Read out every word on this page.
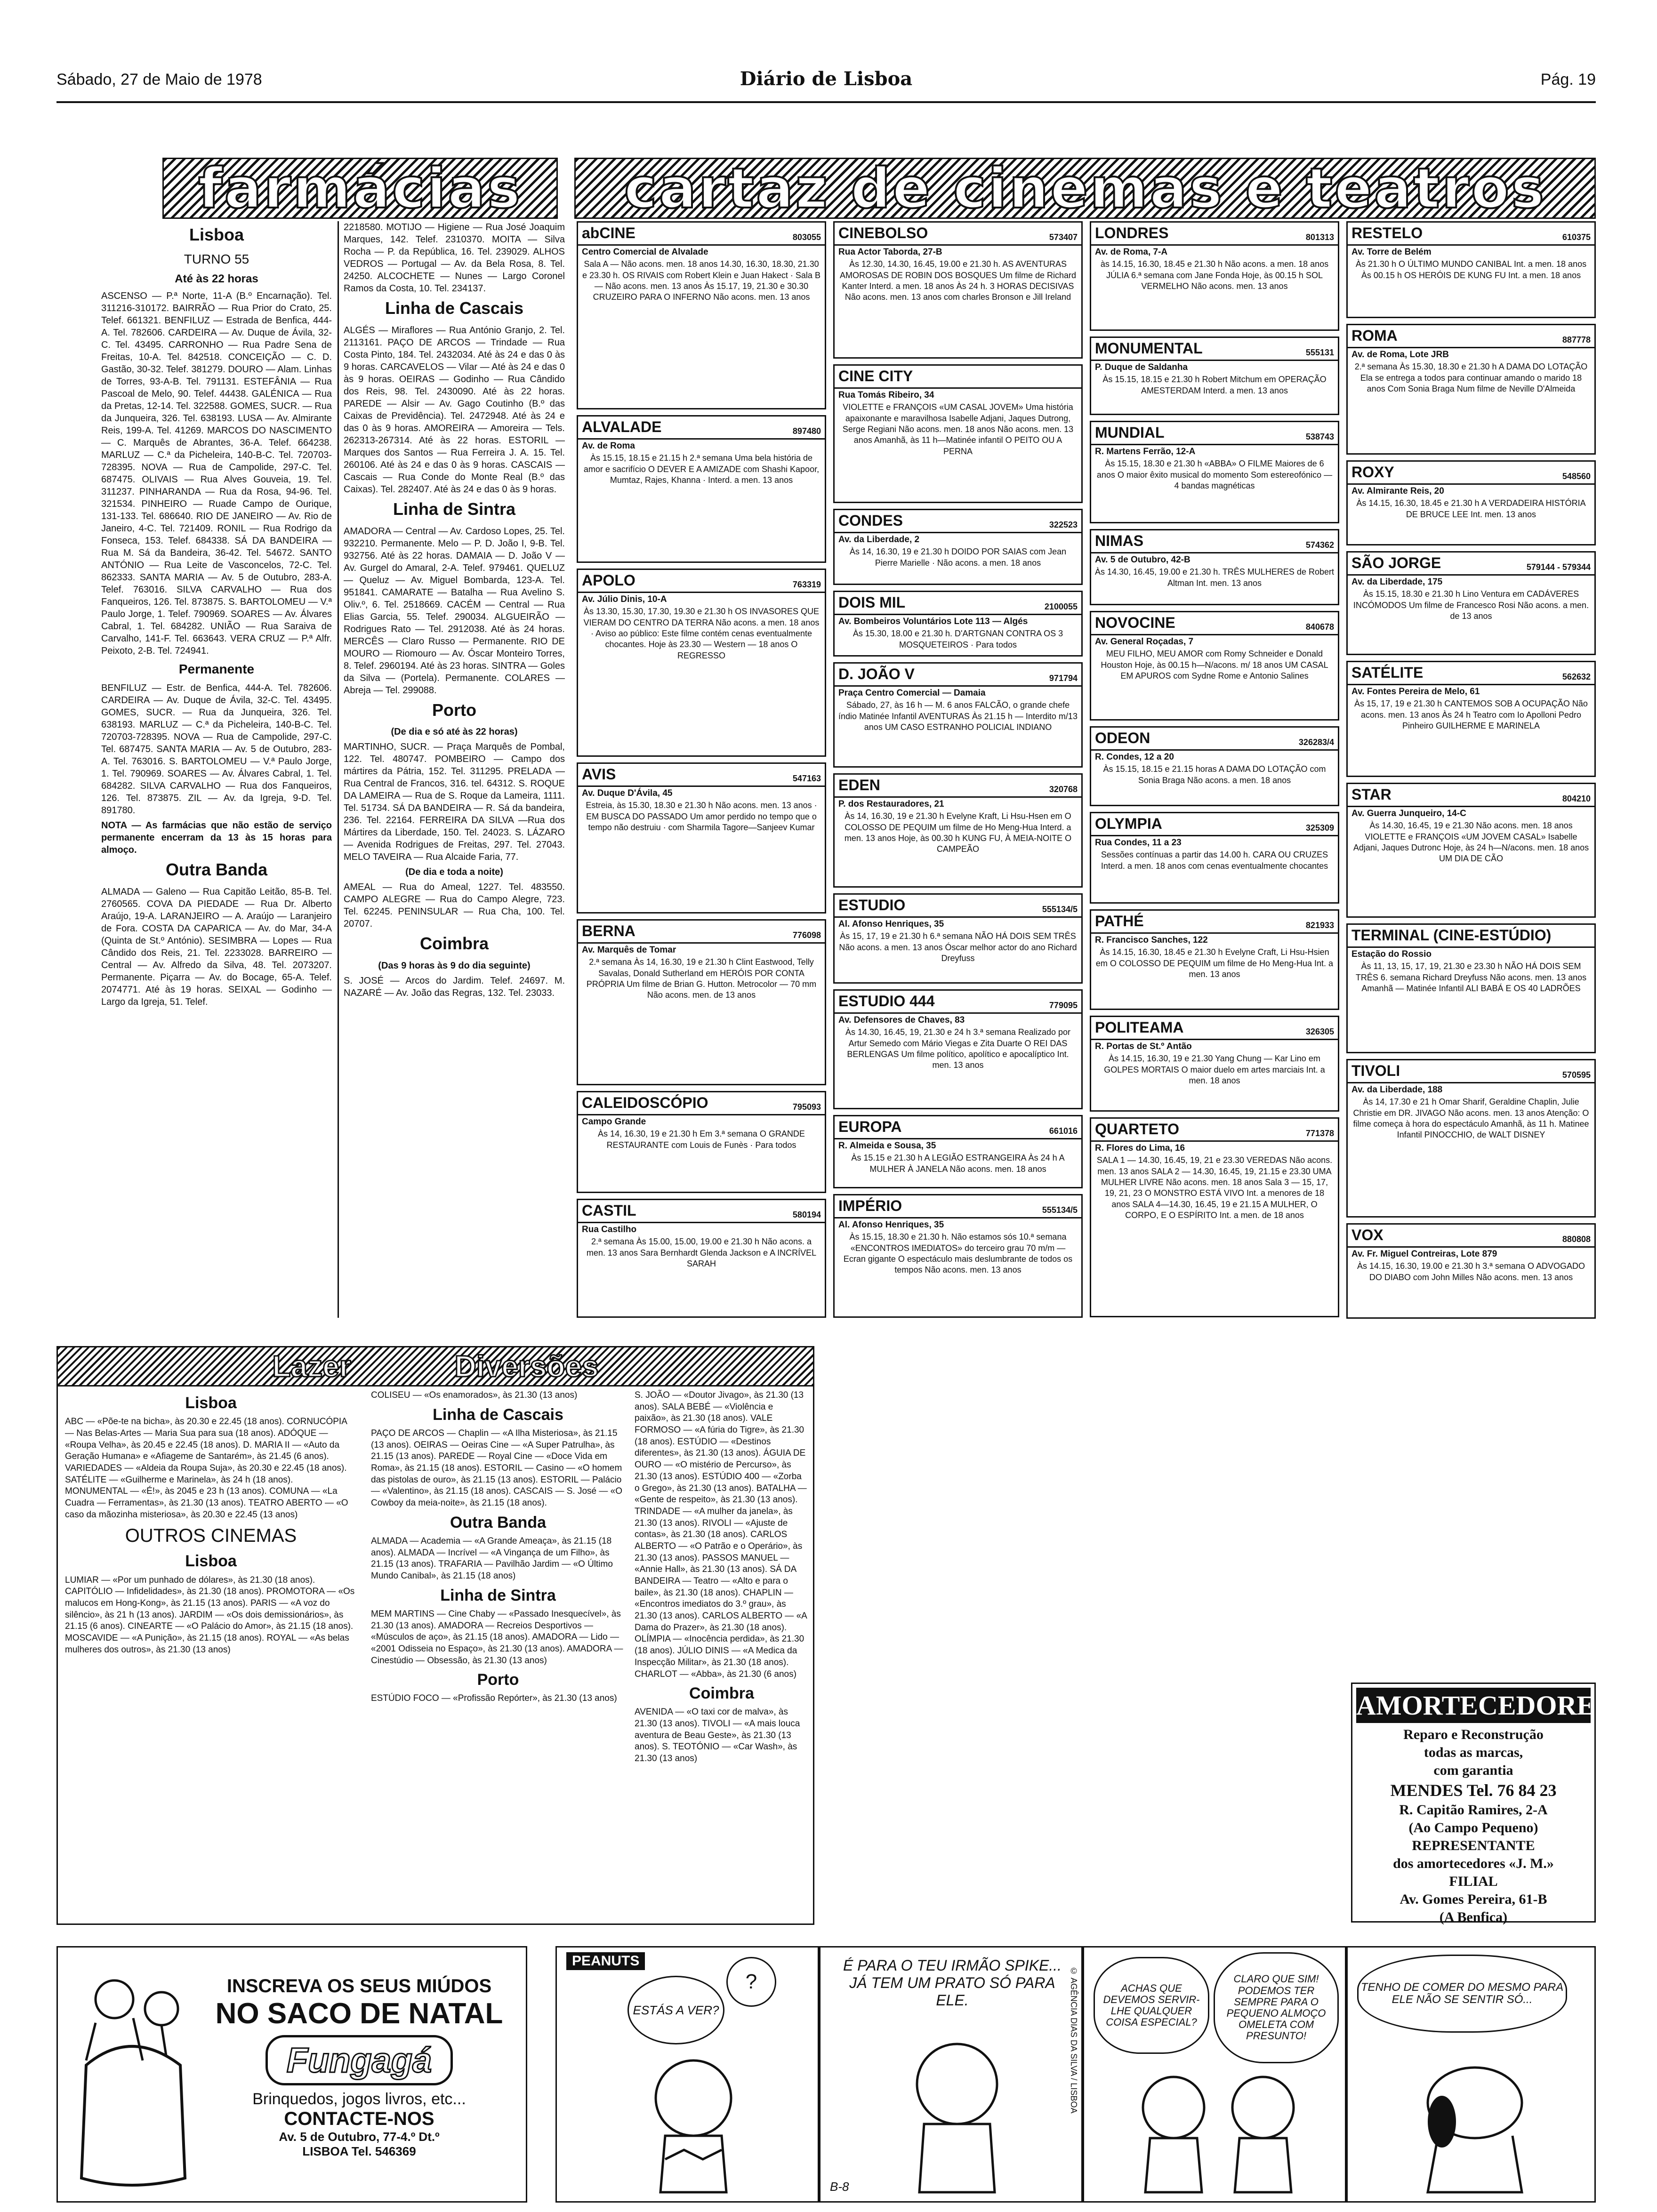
Sábado, 27 de Maio de 1978	Diário de Lisboa	Pág. 19
farmácias cartaz de cinemas e teatros
Lisboa
TURNO 55
Até às 22 horas

ASCENSO — P.ª Norte, 11-A (B.º Encarnação). Tel. 311216-310172. BAIRRÃO — Rua Prior do Crato, 25. Telef. 661321. BENFILUZ — Estrada de Benfica, 444-A. Tel. 782606. CARDEIRA — Av. Duque de Ávila, 32-C. Tel. 43495. CARRONHO — Rua Padre Sena de Freitas, 10-A. Tel. 842518. CONCEIÇÃO — C. D. Gastão, 30-32. Telef. 381279. DOURO — Alam. Linhas de Torres, 93-A-B. Tel. 791131. ESTEFÂNIA — Rua Pascoal de Melo, 90. Telef. 44438. GALÉNICA — Rua da Pretas, 12-14. Tel. 322588. GOMES, SUCR. — Rua da Junqueira, 326. Tel. 638193. LUSA — Av. Almirante Reis, 199-A. Tel. 41269. MARCOS DO NASCIMENTO — C. Marquês de Abrantes, 36-A. Telef. 664238. MARLUZ — C.ª da Picheleira, 140-B-C. Tel. 720703-728395. NOVA — Rua de Campolide, 297-C. Tel. 687475. OLIVAIS — Rua Alves Gouveia, 19. Tel. 311237. PINHARANDA — Rua da Rosa, 94-96. Tel. 321534. PINHEIRO — Ruade Campo de Ourique, 131-133. Tel. 686640. RIO DE JANEIRO — Av. Rio de Janeiro, 4-C. Tel. 721409. RONIL — Rua Rodrigo da Fonseca, 153. Telef. 684338. SÁ DA BANDEIRA — Rua M. Sá da Bandeira, 36-42. Tel. 54672. SANTO ANTÓNIO — Rua Leite de Vasconcelos, 72-C. Tel. 862333. SANTA MARIA — Av. 5 de Outubro, 283-A. Telef. 763016. SILVA CARVALHO — Rua dos Fanqueiros, 126. Tel. 873875. S. BARTOLOMEU — V.ª Paulo Jorge, 1. Telef. 790969. SOARES — Av. Álvares Cabral, 1. Tel. 684282. UNIÃO — Rua Saraiva de Carvalho, 141-F. Tel. 663643. VERA CRUZ — P.ª Alfr. Peixoto, 2-B. Tel. 724941.

Permanente

BENFILUZ — Estr. de Benfica, 444-A. Tel. 782606. CARDEIRA — Av. Duque de Ávila, 32-C. Tel. 43495. GOMES, SUCR. — Rua da Junqueira, 326. Tel. 638193. MARLUZ — C.ª da Picheleira, 140-B-C. Tel. 720703-728395. NOVA — Rua de Campolide, 297-C. Tel. 687475. SANTA MARIA — Av. 5 de Outubro, 283-A. Tel. 763016. S. BARTOLOMEU — V.ª Paulo Jorge, 1. Tel. 790969. SOARES — Av. Álvares Cabral, 1. Tel. 684282. SILVA CARVALHO — Rua dos Fanqueiros, 126. Tel. 873875. ZIL — Av. da Igreja, 9-D. Tel. 891780.

NOTA — As farmácias que não estão de serviço permanente encerram da 13 às 15 horas para almoço.

Outra Banda

ALMADA — Galeno — Rua Capitão Leitão, 85-B. Tel. 2760565. COVA DA PIEDADE — Rua Dr. Alberto Araújo, 19-A. LARANJEIRO — A. Araújo — Laranjeiro de Fora. COSTA DA CAPARICA — Av. do Mar, 34-A (Quinta de St.º António). SESIMBRA — Lopes — Rua Cândido dos Reis, 21. Tel. 2233028. BARREIRO — Central — Av. Alfredo da Silva, 48. Tel. 2073207. Permanente. Piçarra — Av. do Bocage, 65-A. Telef. 2074771. Até às 19 horas. SEIXAL — Godinho — Largo da Igreja, 51. Telef.

2218580. MOTIJO — Higiene — Rua José Joaquim Marques, 142. Telef. 2310370. MOITA — Silva Rocha — P. da República, 16. Tel. 239029. ALHOS VEDROS — Portugal — Av. da Bela Rosa, 8. Tel. 24250. ALCOCHETE — Nunes — Largo Coronel Ramos da Costa, 10. Tel. 234137.

Linha de Cascais

ALGÉS — Miraflores — Rua António Granjo, 2. Tel. 2113161. PAÇO DE ARCOS — Trindade — Rua Costa Pinto, 184. Tel. 2432034. Até às 24 e das 0 às 9 horas. CARCAVELOS — Vilar — Até às 24 e das 0 às 9 horas. OEIRAS — Godinho — Rua Cândido dos Reis, 98. Tel. 2430090. Até às 22 horas. PAREDE — Alsir — Av. Gago Coutinho (B.º das Caixas de Previdência). Tel. 2472948. Até às 24 e das 0 às 9 horas. AMOREIRA — Amoreira — Tels. 262313-267314. Até às 22 horas. ESTORIL — Marques dos Santos — Rua Ferreira J. A. 15. Tel. 260106. Até às 24 e das 0 às 9 horas. CASCAIS — Cascais — Rua Conde do Monte Real (B.º das Caixas). Tel. 282407. Até às 24 e das 0 às 9 horas.

Linha de Sintra

AMADORA — Central — Av. Cardoso Lopes, 25. Tel. 932210. Permanente. Melo — P. D. João I, 9-B. Tel. 932756. Até às 22 horas. DAMAIA — D. João V — Av. Gurgel do Amaral, 2-A. Telef. 979461. QUELUZ — Queluz — Av. Miguel Bombarda, 123-A. Tel. 951841. CAMARATE — Batalha — Rua Avelino S. Oliv.º, 6. Tel. 2518669. CACÉM — Central — Rua Elias Garcia, 55. Telef. 290034. ALGUEIRÃO — Rodrigues Rato — Tel. 2912038. Até às 24 horas. MERCÊS — Claro Russo — Permanente. RIO DE MOURO — Riomouro — Av. Óscar Monteiro Torres, 8. Telef. 2960194. Até às 23 horas. SINTRA — Goles da Silva — (Portela). Permanente. COLARES — Abreja — Tel. 299088.

Porto

(De dia e só até às 22 horas)

MARTINHO, SUCR. — Praça Marquês de Pombal, 122. Tel. 480747. POMBEIRO — Campo dos mártires da Pátria, 152. Tel. 311295. PRELADA — Rua Central de Francos, 316. tel. 64312. S. ROQUE DA LAMEIRA — Rua de S. Roque da Lameira, 1111. Tel. 51734. SÁ DA BANDEIRA — R. Sá da bandeira, 236. Tel. 22164. FERREIRA DA SILVA —Rua dos Mártires da Liberdade, 150. Tel. 24023. S. LÁZARO — Avenida Rodrigues de Freitas, 297. Tel. 27043. MELO TAVEIRA — Rua Alcaide Faria, 77.

(De dia e toda a noite)

AMEAL — Rua do Ameal, 1227. Tel. 483550. CAMPO ALEGRE — Rua do Campo Alegre, 723. Tel. 62245. PENINSULAR — Rua Cha, 100. Tel. 20707.

Coimbra

(Das 9 horas às 9 do dia seguinte)

S. JOSÉ — Arcos do Jardim. Telef. 24697. M. NAZARÉ — Av. João das Regras, 132. Tel. 23033.

abCINE	803055
Centro Comercial de Alvalade
Sala A — Não acons. men. 18 anos 14.30, 16.30, 18.30, 21.30 e 23.30 h. OS RIVAIS com Robert Klein e Juan Hakect · Sala B — Não acons. men. 13 anos Às 15.17, 19, 21.30 e 30.30 CRUZEIRO PARA O INFERNO Não acons. men. 13 anos
ALVALADE	897480
Av. de Roma
Às 15.15, 18.15 e 21.15 h 2.ª semana Uma bela história de amor e sacrifício O DEVER E A AMIZADE com Shashi Kapoor, Mumtaz, Rajes, Khanna · Interd. a men. 13 anos
APOLO	763319
Av. Júlio Dinis, 10-A
Às 13.30, 15.30, 17.30, 19.30 e 21.30 h OS INVASORES QUE VIERAM DO CENTRO DA TERRA Não acons. a men. 18 anos · Aviso ao público: Este filme contém cenas eventualmente chocantes. Hoje às 23.30 — Western — 18 anos O REGRESSO
AVIS	547163
Av. Duque D'Ávila, 45
Estreia, às 15.30, 18.30 e 21.30 h Não acons. men. 13 anos · EM BUSCA DO PASSADO Um amor perdido no tempo que o tempo não destruiu · com Sharmila Tagore—Sanjeev Kumar
BERNA	776098
Av. Marquês de Tomar
2.ª semana Às 14, 16.30, 19 e 21.30 h Clint Eastwood, Telly Savalas, Donald Sutherland em HERÓIS POR CONTA PRÓPRIA Um filme de Brian G. Hutton. Metrocolor — 70 mm Não acons. men. de 13 anos
CALEIDOSCÓPIO	795093
Campo Grande
Às 14, 16.30, 19 e 21.30 h Em 3.ª semana O GRANDE RESTAURANTE com Louis de Funès · Para todos
CASTIL	580194
Rua Castilho
2.ª semana Às 15.00, 15.00, 19.00 e 21.30 h Não acons. a men. 13 anos Sara Bernhardt Glenda Jackson e A INCRÍVEL SARAH
CINEBOLSO	573407
Rua Actor Taborda, 27-B
Às 12.30, 14.30, 16.45, 19.00 e 21.30 h. AS AVENTURAS AMOROSAS DE ROBIN DOS BOSQUES Um filme de Richard Kanter Interd. a men. 18 anos Às 24 h. 3 HORAS DECISIVAS Não acons. men. 13 anos com charles Bronson e Jill Ireland
CINE CITY
Rua Tomás Ribeiro, 34
VIOLETTE e FRANÇOIS «UM CASAL JOVEM» Uma história apaixonante e maravilhosa Isabelle Adjani, Jaques Dutrong, Serge Regiani Não acons. men. 18 anos Não acons. men. 13 anos Amanhã, às 11 h—Matinée infantil O PEITO OU A PERNA
CONDES	322523
Av. da Liberdade, 2
Às 14, 16.30, 19 e 21.30 h DOIDO POR SAIAS com Jean Pierre Marielle · Não acons. a men. 18 anos
DOIS MIL	2100055
Av. Bombeiros Voluntários Lote 113 — Algés
Às 15.30, 18.00 e 21.30 h. D'ARTGNAN CONTRA OS 3 MOSQUETEIROS · Para todos
D. JOÃO V	971794
Praça Centro Comercial — Damaia
Sábado, 27, às 16 h — M. 6 anos FALCÃO, o grande chefe índio Matinée Infantil AVENTURAS Às 21.15 h — Interdito m/13 anos UM CASO ESTRANHO POLICIAL INDIANO
EDEN	320768
P. dos Restauradores, 21
Às 14, 16.30, 19 e 21.30 h Evelyne Kraft, Li Hsu-Hsen em O COLOSSO DE PEQUIM um filme de Ho Meng-Hua Interd. a men. 13 anos Hoje, às 00.30 h KUNG FU, À MEIA-NOITE O CAMPEÃO
ESTUDIO	555134/5
Al. Afonso Henriques, 35
Às 15, 17, 19 e 21.30 h 6.ª semana NÃO HÁ DOIS SEM TRÊS Não acons. a men. 13 anos Óscar melhor actor do ano Richard Dreyfuss
ESTUDIO 444	779095
Av. Defensores de Chaves, 83
Às 14.30, 16.45, 19, 21.30 e 24 h 3.ª semana Realizado por Artur Semedo com Mário Viegas e Zita Duarte O REI DAS BERLENGAS Um filme político, apolítico e apocalíptico Int. men. 13 anos
EUROPA	661016
R. Almeida e Sousa, 35
Às 15.15 e 21.30 h A LEGIÃO ESTRANGEIRA Às 24 h A MULHER À JANELA Não acons. men. 18 anos
IMPÉRIO	555134/5
Al. Afonso Henriques, 35
Às 15.15, 18.30 e 21.30 h. Não estamos sós 10.ª semana «ENCONTROS IMEDIATOS» do terceiro grau 70 m/m — Ecran gigante O espectáculo mais deslumbrante de todos os tempos Não acons. men. 13 anos
LONDRES	801313
Av. de Roma, 7-A
às 14.15, 16.30, 18.45 e 21.30 h Não acons. a men. 18 anos JÚLIA 6.ª semana com Jane Fonda Hoje, às 00.15 h SOL VERMELHO Não acons. men. 13 anos
MONUMENTAL	555131
P. Duque de Saldanha
Às 15.15, 18.15 e 21.30 h Robert Mitchum em OPERAÇÃO AMESTERDAM Interd. a men. 13 anos
MUNDIAL	538743
R. Martens Ferrão, 12-A
Às 15.15, 18.30 e 21.30 h «ABBA» O FILME Maiores de 6 anos O maior êxito musical do momento Som estereofónico — 4 bandas magnéticas
NIMAS	574362
Av. 5 de Outubro, 42-B
Às 14.30, 16.45, 19.00 e 21.30 h. TRÊS MULHERES de Robert Altman Int. men. 13 anos
NOVOCINE	840678
Av. General Roçadas, 7
MEU FILHO, MEU AMOR com Romy Schneider e Donald Houston Hoje, às 00.15 h—N/acons. m/ 18 anos UM CASAL EM APUROS com Sydne Rome e Antonio Salines
ODEON	326283/4
R. Condes, 12 a 20
Às 15.15, 18.15 e 21.15 horas A DAMA DO LOTAÇÃO com Sonia Braga Não acons. a men. 18 anos
OLYMPIA	325309
Rua Condes, 11 a 23
Sessões contínuas a partir das 14.00 h. CARA OU CRUZES Interd. a men. 18 anos com cenas eventualmente chocantes
PATHÉ	821933
R. Francisco Sanches, 122
Às 14.15, 16.30, 18.45 e 21.30 h Evelyne Craft, Li Hsu-Hsien em O COLOSSO DE PEQUIM um filme de Ho Meng-Hua Int. a men. 13 anos
POLITEAMA	326305
R. Portas de St.º Antão
Às 14.15, 16.30, 19 e 21.30 Yang Chung — Kar Lino em GOLPES MORTAIS O maior duelo em artes marciais Int. a men. 18 anos
QUARTETO	771378
R. Flores do Lima, 16
SALA 1 — 14.30, 16.45, 19, 21 e 23.30 VEREDAS Não acons. men. 13 anos SALA 2 — 14.30, 16.45, 19, 21.15 e 23.30 UMA MULHER LIVRE Não acons. men. 18 anos Sala 3 — 15, 17, 19, 21, 23 O MONSTRO ESTÁ VIVO Int. a menores de 18 anos SALA 4—14.30, 16.45, 19 e 21.15 A MULHER, O CORPO, E O ESPÍRITO Int. a men. de 18 anos
RESTELO	610375
Av. Torre de Belém
Às 21.30 h O ÚLTIMO MUNDO CANIBAL Int. a men. 18 anos Às 00.15 h OS HERÓIS DE KUNG FU Int. a men. 18 anos
ROMA	887778
Av. de Roma, Lote JRB
2.ª semana Às 15.30, 18.30 e 21.30 h A DAMA DO LOTAÇÃO Ela se entrega a todos para continuar amando o marido 18 anos Com Sonia Braga Num filme de Neville D'Almeida
ROXY	548560
Av. Almirante Reis, 20
Às 14.15, 16.30, 18.45 e 21.30 h A VERDADEIRA HISTÓRIA DE BRUCE LEE Int. men. 13 anos
SÃO JORGE	579144 - 579344
Av. da Liberdade, 175
Às 15.15, 18.30 e 21.30 h Lino Ventura em CADÁVERES INCÓMODOS Um filme de Francesco Rosi Não acons. a men. de 13 anos
SATÉLITE	562632
Av. Fontes Pereira de Melo, 61
Às 15, 17, 19 e 21.30 h CANTEMOS SOB A OCUPAÇÃO Não acons. men. 13 anos Às 24 h Teatro com Io Apolloni Pedro Pinheiro GUILHERME E MARINELA
STAR	804210
Av. Guerra Junqueiro, 14-C
Às 14.30, 16.45, 19 e 21.30 Não acons. men. 18 anos VIOLETTE e FRANÇOIS «UM JOVEM CASAL» Isabelle Adjani, Jaques Dutronc Hoje, às 24 h—N/acons. men. 18 anos UM DIA DE CÃO
TERMINAL (CINE-ESTÚDIO)
Estação do Rossio
Às 11, 13, 15, 17, 19, 21.30 e 23.30 h NÃO HÁ DOIS SEM TRÊS 6. semana Richard Dreyfuss Não acons. men. 13 anos Amanhã — Matinée Infantil ALI BABÁ E OS 40 LADRÕES
TIVOLI	570595
Av. da Liberdade, 188
Às 14, 17.30 e 21 h Omar Sharif, Geraldine Chaplin, Julie Christie em DR. JIVAGO Não acons. men. 13 anos Atenção: O filme começa à hora do espectáculo Amanhã, às 11 h. Matinee Infantil PINOCCHIO, de WALT DISNEY
VOX	880808
Av. Fr. Miguel Contreiras, Lote 879
Às 14.15, 16.30, 19.00 e 21.30 h 3.ª semana O ADVOGADO DO DIABO com John Milles Não acons. men. 13 anos
Lazer	Diversões
Lisboa

ABC — «Põe-te na bicha», às 20.30 e 22.45 (18 anos). CORNUCÓPIA — Nas Belas-Artes — Maria Sua para sua (18 anos). ADÓQUE — «Roupa Velha», às 20.45 e 22.45 (18 anos). D. MARIA II — «Auto da Geração Humana» e «Afiageme de Santarém», às 21.45 (6 anos). VARIEDADES — «Aldeia da Roupa Suja», às 20.30 e 22.45 (18 anos). SATÉLITE — «Guilherme e Marinela», às 24 h (18 anos). MONUMENTAL — «É!», às 2045 e 23 h (13 anos). COMUNA — «La Cuadra — Ferramentas», às 21.30 (13 anos). TEATRO ABERTO — «O caso da mãozinha misteriosa», às 20.30 e 22.45 (13 anos)

OUTROS CINEMAS
Lisboa

LUMIAR — «Por um punhado de dólares», às 21.30 (18 anos). CAPITÓLIO — Infidelidades», às 21.30 (18 anos). PROMOTORA — «Os malucos em Hong-Kong», às 21.15 (13 anos). PARIS — «A voz do silêncio», às 21 h (13 anos). JARDIM — «Os dois demissionários», às 21.15 (6 anos). CINEARTE — «O Palácio do Amor», às 21.15 (18 anos). MOSCAVIDE — «A Punição», às 21.15 (18 anos). ROYAL — «As belas mulheres dos outros», às 21.30 (13 anos)

COLISEU — «Os enamorados», às 21.30 (13 anos)

Linha de Cascais

PAÇO DE ARCOS — Chaplin — «A Ilha Misteriosa», às 21.15 (13 anos). OEIRAS — Oeiras Cine — «A Super Patrulha», às 21.15 (13 anos). PAREDE — Royal Cine — «Doce Vida em Roma», às 21.15 (18 anos). ESTORIL — Casino — «O homem das pistolas de ouro», às 21.15 (13 anos). ESTORIL — Palácio — «Valentino», às 21.15 (18 anos). CASCAIS — S. José — «O Cowboy da meia-noite», às 21.15 (18 anos).

Outra Banda

ALMADA — Academia — «A Grande Ameaça», às 21.15 (18 anos). ALMADA — Incrível — «A Vingança de um Filho», às 21.15 (13 anos). TRAFARIA — Pavilhão Jardim — «O Último Mundo Canibal», às 21.15 (18 anos)

Linha de Sintra

MEM MARTINS — Cine Chaby — «Passado Inesquecível», às 21.30 (13 anos). AMADORA — Recreios Desportivos — «Músculos de aço», às 21.15 (18 anos). AMADORA — Lido — «2001 Odisseia no Espaço», às 21.30 (13 anos). AMADORA — Cinestúdio — Obsessão, às 21.30 (13 anos)

Porto

ESTÚDIO FOCO — «Profissão Repórter», às 21.30 (13 anos)

S. JOÃO — «Doutor Jivago», às 21.30 (13 anos). SALA BEBÉ — «Violência e paixão», às 21.30 (18 anos). VALE FORMOSO — «A fúria do Tigre», às 21.30 (18 anos). ESTÚDIO — «Destinos diferentes», às 21.30 (13 anos). ÁGUIA DE OURO — «O mistério de Percurso», às 21.30 (13 anos). ESTÚDIO 400 — «Zorba o Grego», às 21.30 (13 anos). BATALHA — «Gente de respeito», às 21.30 (13 anos). TRINDADE — «A mulher da janela», às 21.30 (13 anos). RIVOLI — «Ajuste de contas», às 21.30 (18 anos). CARLOS ALBERTO — «O Patrão e o Operário», às 21.30 (13 anos). PASSOS MANUEL — «Annie Hall», às 21.30 (13 anos). SÁ DA BANDEIRA — Teatro — «Alto e para o baile», às 21.30 (18 anos). CHAPLIN — «Encontros imediatos do 3.º grau», às 21.30 (13 anos). CARLOS ALBERTO — «A Dama do Prazer», às 21.30 (18 anos). OLÍMPIA — «Inocência perdida», às 21.30 (18 anos). JÚLIO DINIS — «A Medica da Inspecção Militar», às 21.30 (18 anos). CHARLOT — «Abba», às 21.30 (6 anos)

Coimbra

AVENIDA — «O taxi cor de malva», às 21.30 (13 anos). TIVOLI — «A mais louca aventura de Beau Geste», às 21.30 (13 anos). S. TEOTÓNIO — «Car Wash», às 21.30 (13 anos)

AMORTECEDORES

Reparo e Reconstrução

todas as marcas,

com garantia

MENDES Tel. 76 84 23

R. Capitão Ramires, 2-A

(Ao Campo Pequeno)

REPRESENTANTE

dos amortecedores «J. M.»

FILIAL

Av. Gomes Pereira, 61-B

(A Benfica)

INSCREVA OS SEUS MIÚDOS
NO SACO DE NATAL
Fungagá
Brinquedos, jogos livros, etc...
CONTACTE-NOS
Av. 5 de Outubro, 77-4.º Dt.º
LISBOA Tel. 546369
PEANUTS
ESTÁS A VER?
?
É PARA O TEU IRMÃO SPIKE... JÁ TEM UM PRATO SÓ PARA ELE.
B-8
© AGÊNCIA DIAS DA SILVA / LISBOA	ACHAS QUE DEVEMOS SERVIR-LHE QUALQUER COISA ESPECIAL?
CLARO QUE SIM! PODEMOS TER SEMPRE PARA O PEQUENO ALMOÇO OMELETA COM PRESUNTO!
TENHO DE COMER DO MESMO PARA ELE NÃO SE SENTIR SÓ...
